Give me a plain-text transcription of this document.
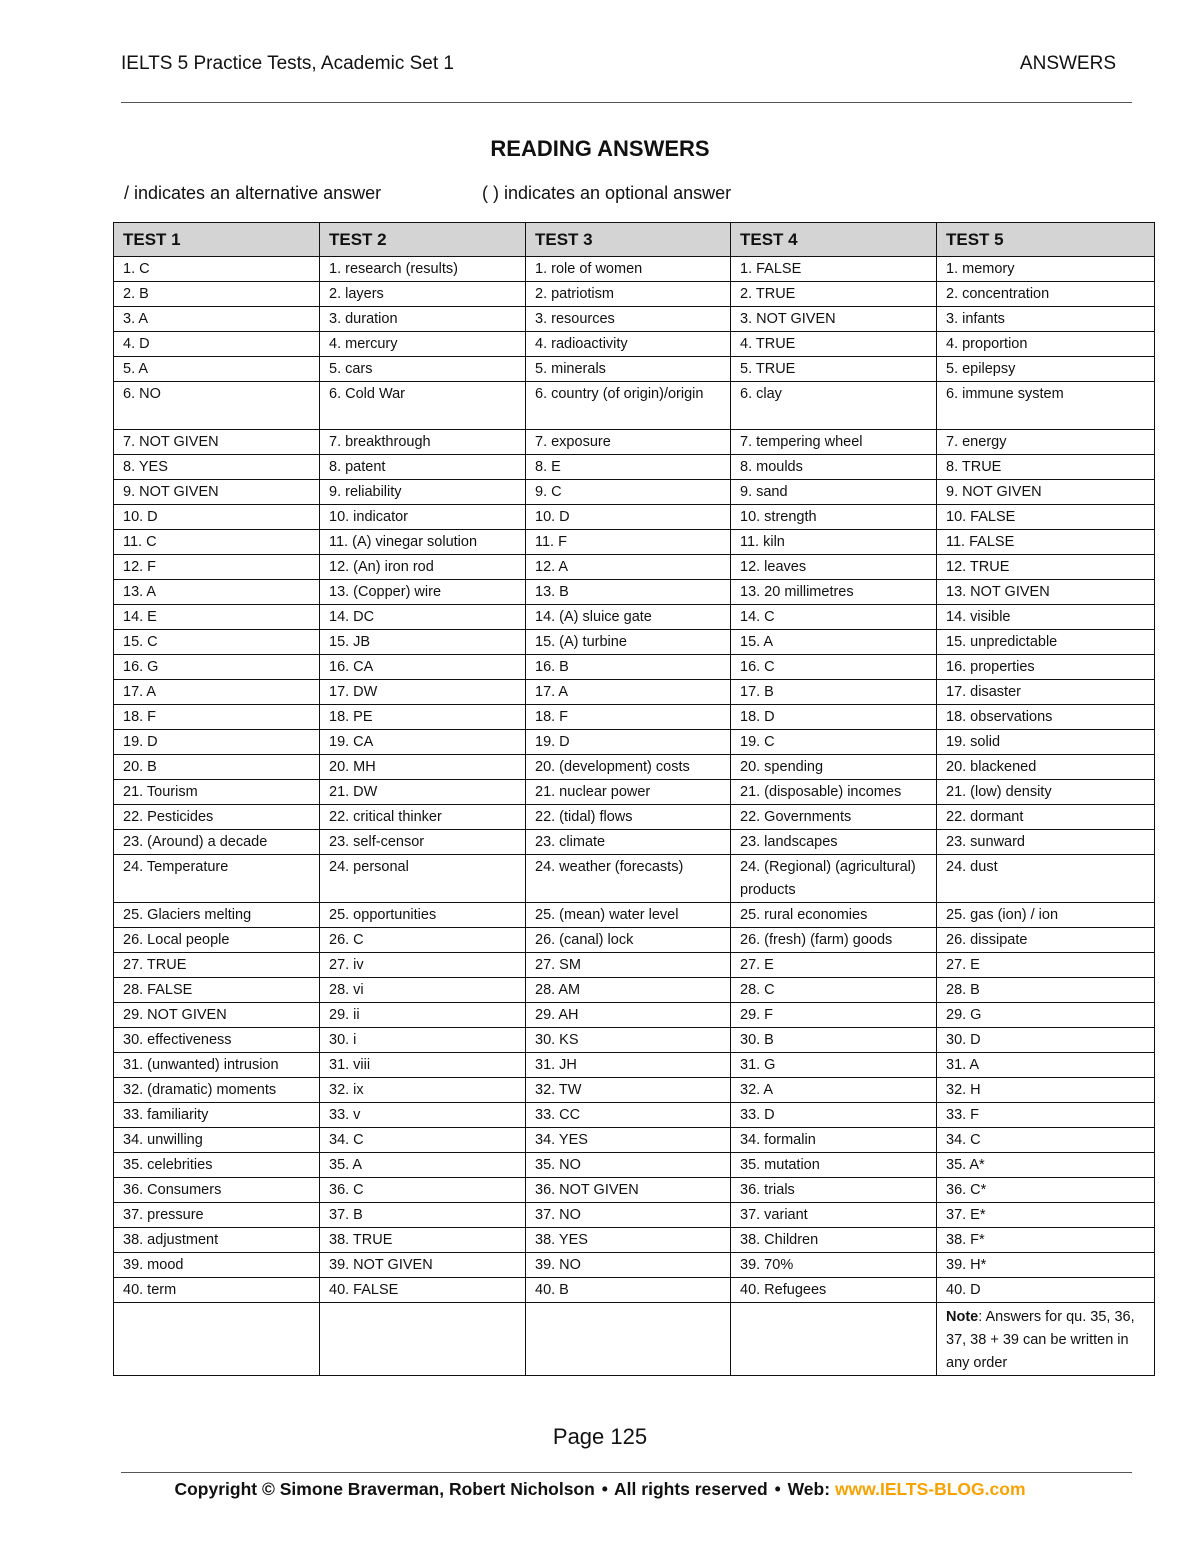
IELTS 5 Practice Tests, Academic Set 1	ANSWERS
READING ANSWERS
/ indicates an alternative answer	( ) indicates an optional answer
TEST 1	TEST 2	TEST 3	TEST 4	TEST 5
1. C	1. research (results)	1. role of women	1. FALSE	1. memory
2. B	2. layers	2. patriotism	2. TRUE	2. concentration
3. A	3. duration	3. resources	3. NOT GIVEN	3. infants
4. D	4. mercury	4. radioactivity	4. TRUE	4. proportion
5. A	5. cars	5. minerals	5. TRUE	5. epilepsy
6. NO	6. Cold War	6. country (of origin)/origin	6. clay	6. immune system
7. NOT GIVEN	7. breakthrough	7. exposure	7. tempering wheel	7. energy
8. YES	8. patent	8. E	8. moulds	8. TRUE
9. NOT GIVEN	9. reliability	9. C	9. sand	9. NOT GIVEN
10. D	10. indicator	10. D	10. strength	10. FALSE
11. C	11. (A) vinegar solution	11. F	11. kiln	11. FALSE
12. F	12. (An) iron rod	12. A	12. leaves	12. TRUE
13. A	13. (Copper) wire	13. B	13. 20 millimetres	13. NOT GIVEN
14. E	14. DC	14. (A) sluice gate	14. C	14. visible
15. C	15. JB	15. (A) turbine	15. A	15. unpredictable
16. G	16. CA	16. B	16. C	16. properties
17. A	17. DW	17. A	17. B	17. disaster
18. F	18. PE	18. F	18. D	18. observations
19. D	19. CA	19. D	19. C	19. solid
20. B	20. MH	20. (development) costs	20. spending	20. blackened
21. Tourism	21. DW	21. nuclear power	21. (disposable) incomes	21. (low) density
22. Pesticides	22. critical thinker	22. (tidal) flows	22. Governments	22. dormant
23. (Around) a decade	23. self-censor	23. climate	23. landscapes	23. sunward
24. Temperature	24. personal	24. weather (forecasts)	24. (Regional) (agricultural) products	24. dust
25. Glaciers melting	25. opportunities	25. (mean) water level	25. rural economies	25. gas (ion) / ion
26. Local people	26. C	26. (canal) lock	26. (fresh) (farm) goods	26. dissipate
27. TRUE	27. iv	27. SM	27. E	27. E
28. FALSE	28. vi	28. AM	28. C	28. B
29. NOT GIVEN	29. ii	29. AH	29. F	29. G
30. effectiveness	30. i	30. KS	30. B	30. D
31. (unwanted) intrusion	31. viii	31. JH	31. G	31. A
32. (dramatic) moments	32. ix	32. TW	32. A	32. H
33. familiarity	33. v	33. CC	33. D	33. F
34. unwilling	34. C	34. YES	34. formalin	34. C
35. celebrities	35. A	35. NO	35. mutation	35. A*
36. Consumers	36. C	36. NOT GIVEN	36. trials	36. C*
37. pressure	37. B	37. NO	37. variant	37. E*
38. adjustment	38. TRUE	38. YES	38. Children	38. F*
39. mood	39. NOT GIVEN	39. NO	39. 70%	39. H*
40. term	40. FALSE	40. B	40. Refugees	40. D
				Note: Answers for qu. 35, 36, 37, 38 + 39 can be written in any order
Page 125
Copyright © Simone Braverman, Robert Nicholson • All rights reserved • Web: www.IELTS-BLOG.com
